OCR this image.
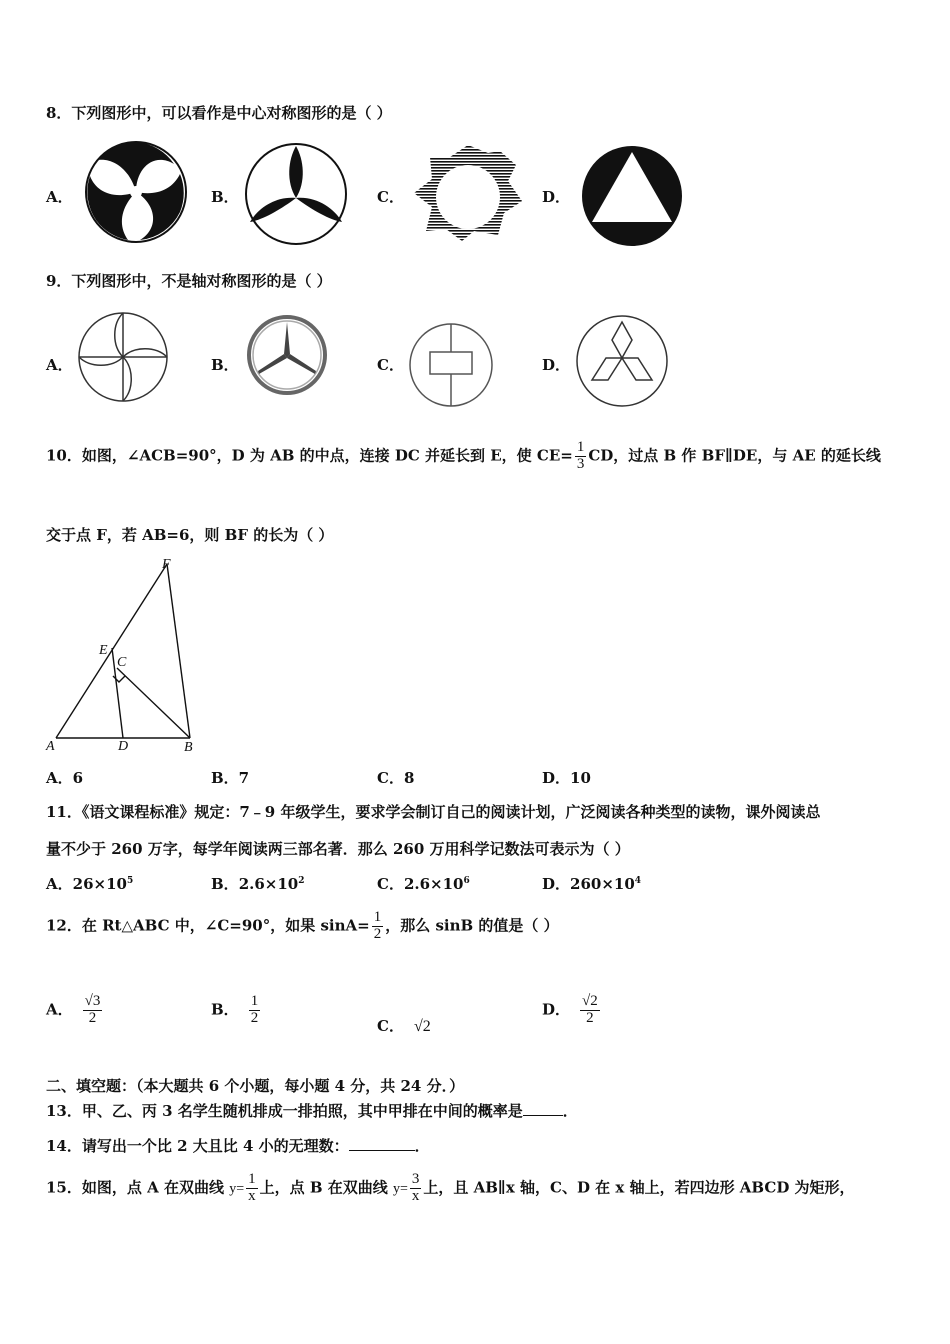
8．下列图形中，可以看作是中心对称图形的是（ ）
A．	B．	C．	D．
9．下列图形中，不是轴对称图形的是（ ）
A．	B．	C．	D．
10．如图，∠ACB=90°，D 为 AB 的中点，连接 DC 并延长到 E，使 $CE= \frac{1}{3}$ CD，过点 B 作 BF∥DE，与 AE 的延长线
交于点 F，若 AB=6，则 BF 的长为（ ）
F
E
C
A	D	B
A．6	B．7	C．8	D．10
11．《语文课程标准》规定：7﹣9 年级学生，要求学会制订自己的阅读计划，广泛阅读各种类型的读物，课外阅读总
量不少于 260 万字，每学年阅读两三部名著．那么 260 万用科学记数法可表示为（ ）
A．$26\times 10^5$	B．$2.6\times 10^2$	C．$2.6\times 10^6$	D．$260\times 10^4$
12．在 Rt△ABC 中，∠C=90°，如果 $\sin A= \frac{1}{2}$ ，那么 sinB 的值是（ ）
A． $\frac{√3}{2}$	B． $\frac{1}{2}$	C． √2
D． $\frac{√2}{2}$
二、填空题：（本大题共 6 个小题，每小题 4 分，共 24 分．）
13．甲、乙、丙 3 名学生随机排成一排拍照，其中甲排在中间的概率是	．
14．请写出一个比 2 大且比 4 小的无理数：	．
15．如图，点 A 在双曲线 $y= \frac{1}{x}$ 上，点 B 在双曲线 $y= \frac{3}{x}$ 上，且 AB∥x 轴，C、D 在 x 轴上，若四边形 ABCD 为矩形，
